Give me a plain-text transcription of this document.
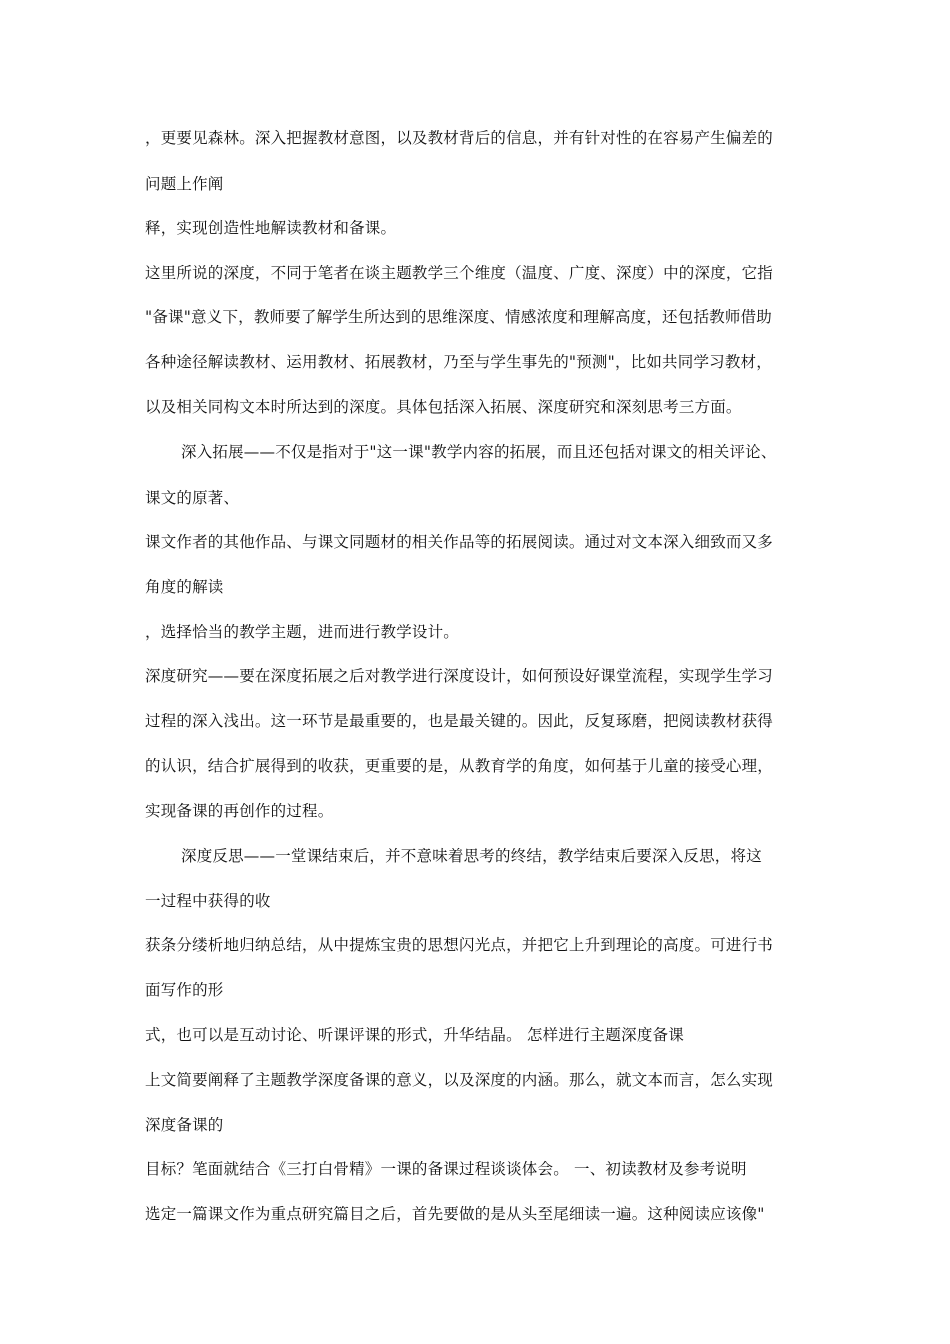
，更要见森林。深入把握教材意图，以及教材背后的信息，并有针对性的在容易产生偏差的
问题上作阐
释，实现创造性地解读教材和备课。
这里所说的深度，不同于笔者在谈主题教学三个维度（温度、广度、深度）中的深度，它指
"备课"意义下，教师要了解学生所达到的思维深度、情感浓度和理解高度，还包括教师借助
各种途径解读教材、运用教材、拓展教材，乃至与学生事先的"预测"，比如共同学习教材，
以及相关同构文本时所达到的深度。具体包括深入拓展、深度研究和深刻思考三方面。
深入拓展——不仅是指对于"这一课"教学内容的拓展，而且还包括对课文的相关评论、
课文的原著、
课文作者的其他作品、与课文同题材的相关作品等的拓展阅读。通过对文本深入细致而又多
角度的解读
，选择恰当的教学主题，进而进行教学设计。
深度研究——要在深度拓展之后对教学进行深度设计，如何预设好课堂流程，实现学生学习
过程的深入浅出。这一环节是最重要的，也是最关键的。因此，反复琢磨，把阅读教材获得
的认识，结合扩展得到的收获，更重要的是，从教育学的角度，如何基于儿童的接受心理，
实现备课的再创作的过程。
深度反思——一堂课结束后，并不意味着思考的终结，教学结束后要深入反思，将这
一过程中获得的收
获条分缕析地归纳总结，从中提炼宝贵的思想闪光点，并把它上升到理论的高度。可进行书
面写作的形
式，也可以是互动讨论、听课评课的形式，升华结晶。 怎样进行主题深度备课
上文简要阐释了主题教学深度备课的意义，以及深度的内涵。那么，就文本而言，怎么实现
深度备课的
目标？笔面就结合《三打白骨精》一课的备课过程谈谈体会。 一、初读教材及参考说明
选定一篇课文作为重点研究篇目之后，首先要做的是从头至尾细读一遍。这种阅读应该像"
